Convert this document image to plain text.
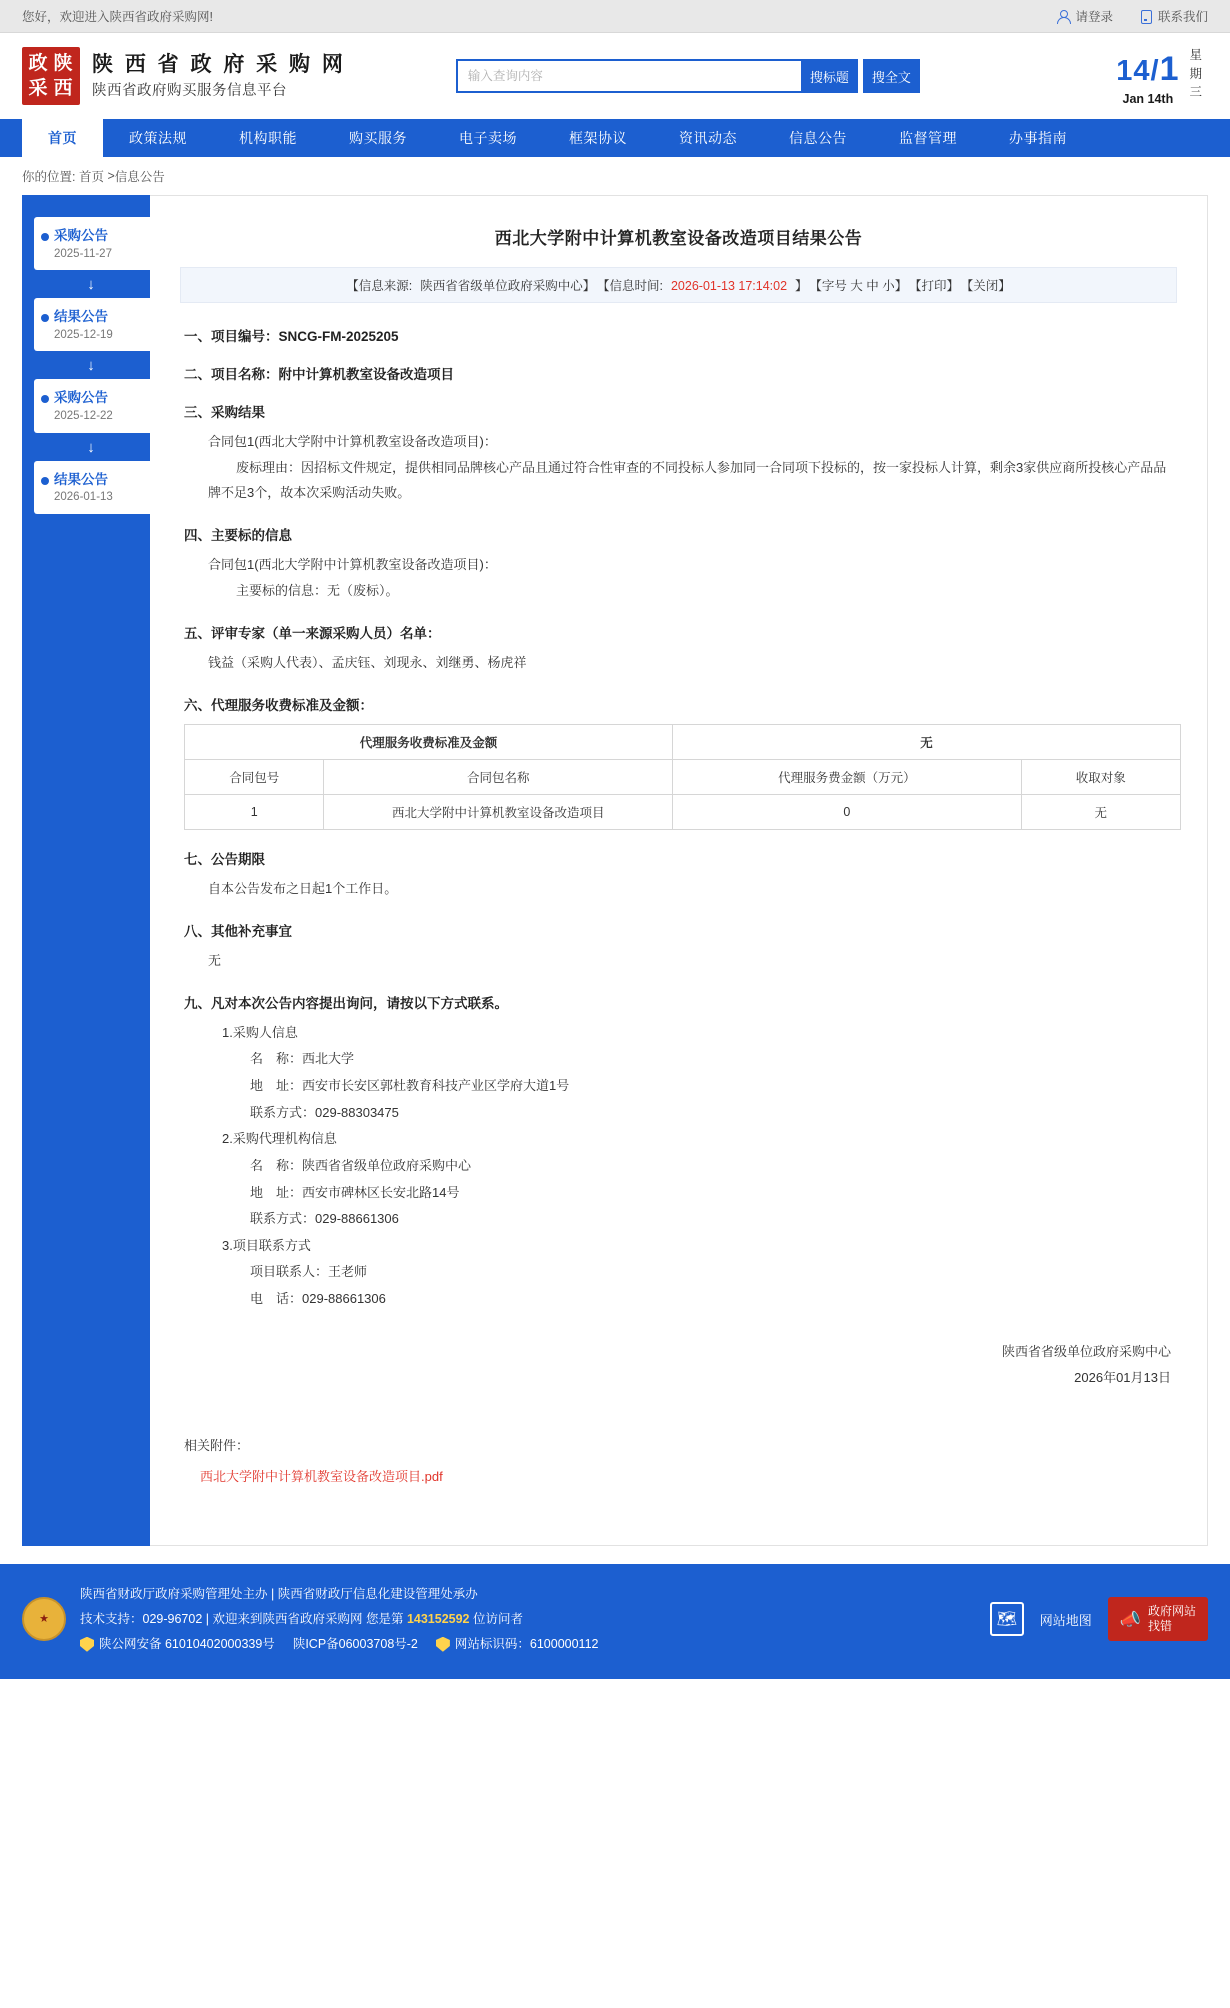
您好，欢迎进入陕西省政府采购网!	请登录	联系我们
政 陕
采 西
陕 西 省 政 府 采 购 网
陕西省政府购买服务信息平台
输入查询内容
搜标题	搜全文	14/1
Jan 14th
星
期
三
首页	政策法规	机构职能	购买服务	电子卖场	框架协议	资讯动态	信息公告	监督管理	办事指南
你的位置:
首页
> 信息公告
采购公告
2025-11-27
↓
结果公告
2025-12-19
↓
采购公告
2025-12-22
↓
结果公告
2026-01-13
西北大学附中计算机教室设备改造项目结果公告
【信息来源: 陕西省省级单位政府采购中心】 【信息时间: 2026-01-13 17:14:02 】 【字号 大 中 小】 【打印】 【关闭】
一、项目编号：SNCG-FM-2025205
二、项目名称：附中计算机教室设备改造项目
三、采购结果
合同包1(西北大学附中计算机教室设备改造项目)：
废标理由：因招标文件规定，提供相同品牌核心产品且通过符合性审查的不同投标人参加同一合同项下投标的，按一家投标人计算，剩余3家供应商所投核心产品品牌不足3个，故本次采购活动失败。
四、主要标的信息
合同包1(西北大学附中计算机教室设备改造项目)：
主要标的信息：无（废标）。
五、评审专家（单一来源采购人员）名单：
钱益（采购人代表）、孟庆钰、刘现永、刘继勇、杨虎祥
六、代理服务收费标准及金额：
代理服务收费标准及金额		无	
合同包号	合同包名称	代理服务费金额（万元）	收取对象
1	西北大学附中计算机教室设备改造项目	0	无
七、公告期限
自本公告发布之日起1个工作日。
八、其他补充事宜
无
九、凡对本次公告内容提出询问，请按以下方式联系。
1.采购人信息
名　称：西北大学
地　址：西安市长安区郭杜教育科技产业区学府大道1号
联系方式：029-88303475
2.采购代理机构信息
名　称：陕西省省级单位政府采购中心
地　址：西安市碑林区长安北路14号
联系方式：029-88661306
3.项目联系方式
项目联系人：王老师
电　话：029-88661306
陕西省省级单位政府采购中心
2026年01月13日
相关附件：
西北大学附中计算机教室设备改造项目.pdf
★
陕西省财政厅政府采购管理处主办 | 陕西省财政厅信息化建设管理处承办
技术支持：029-96702 | 欢迎来到陕西省政府采购网 您是第 143152592 位访问者
陕公网安备 61010402000339号 陕ICP备06003708号-2	网站标识码：6100000112
🗺	网站地图 📣 政府网站
找错
